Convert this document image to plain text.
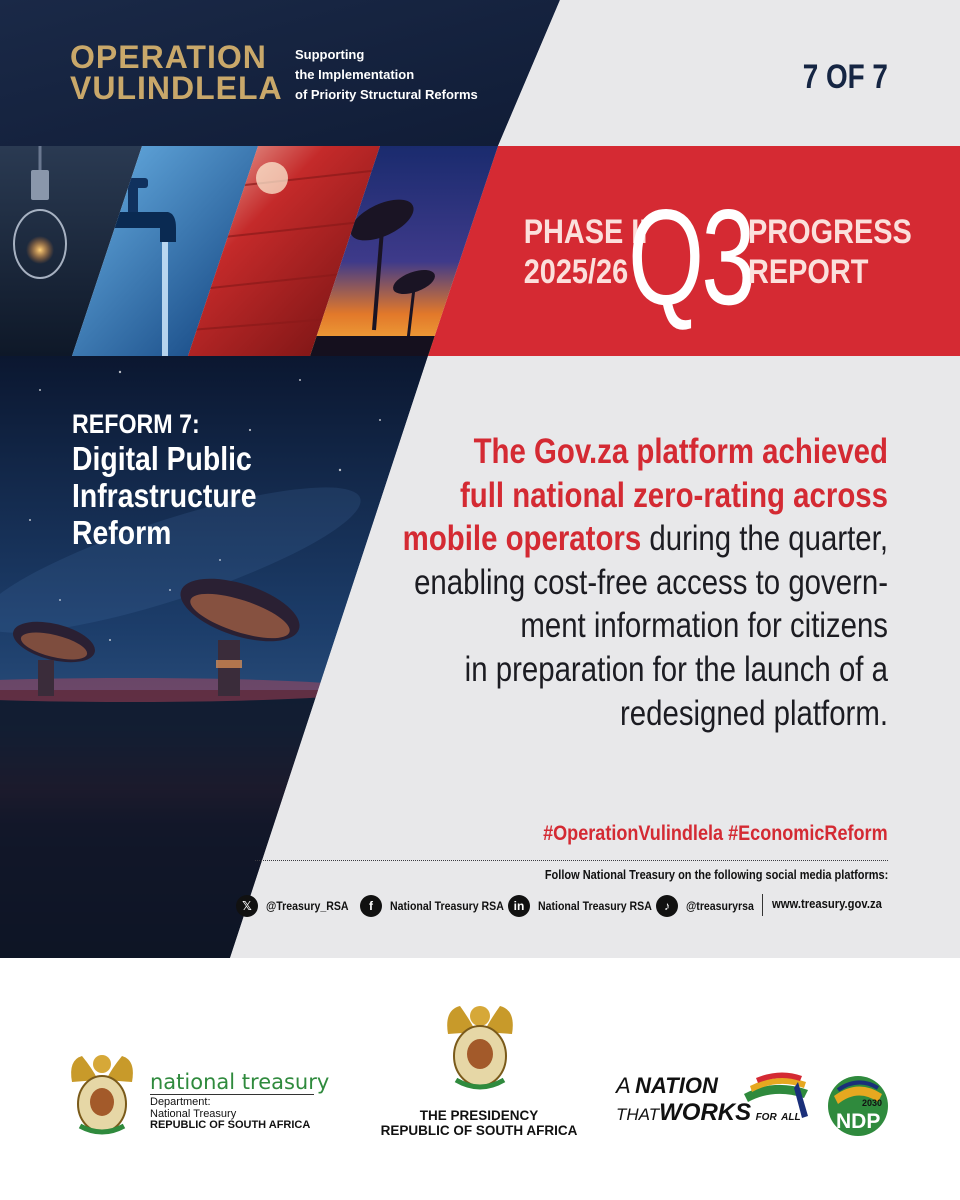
OPERATION
VULINDLELA
Supporting
the Implementation
of Priority Structural Reforms	7 OF 7
PHASE II
2025/26 Q3
PROGRESS
REPORT
REFORM 7:
Digital Public
Infrastructure
Reform
The Gov.za platform achieved
full national zero-rating across
mobile operators during the quarter,
enabling cost-free access to govern-
ment information for citizens
in preparation for the launch of a
redesigned platform.
#OperationVulindlela #EconomicReform
Follow National Treasury on the following social media platforms:
𝕏	@Treasury_RSA	f	National Treasury RSA in	National Treasury RSA	♪	@treasuryrsa www.treasury.gov.za
2030
NDP
national treasury
Department:
National Treasury
REPUBLIC OF SOUTH AFRICA
THE PRESIDENCY
REPUBLIC OF SOUTH AFRICA
A NATION
THATWORKS FOR ALL
